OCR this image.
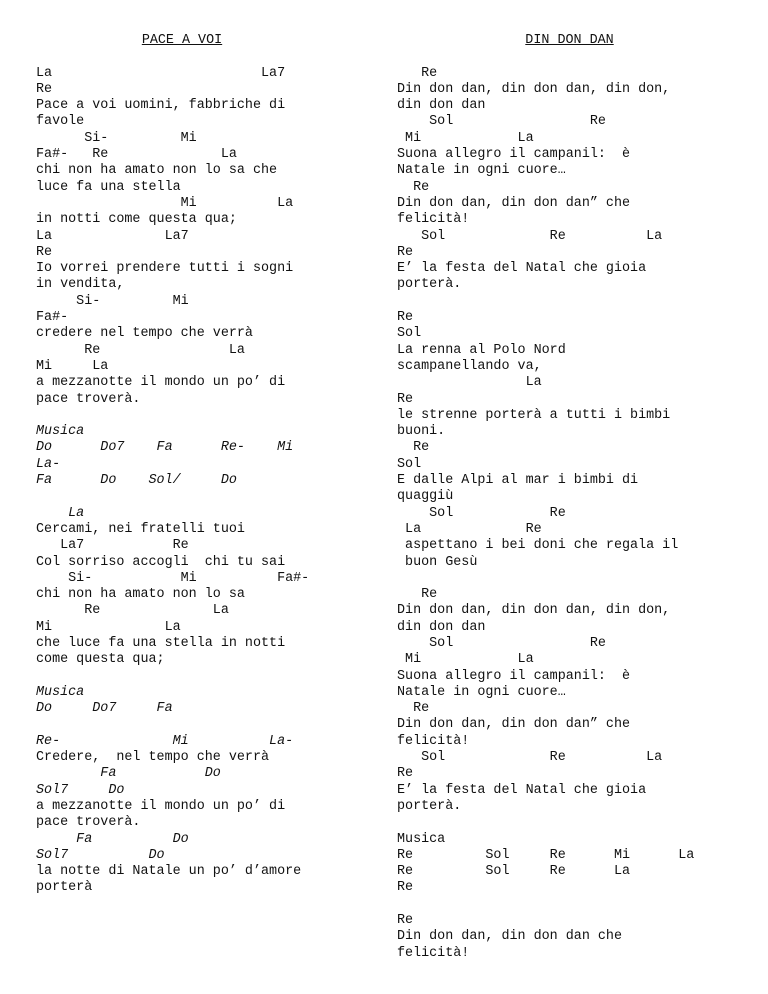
PACE A VOI
La                          La7
Re
Pace a voi uomini, fabbriche di
favole
Si-         Mi
Fa#-   Re              La
chi non ha amato non lo sa che
luce fa una stella
Mi          La
in notti come questa qua;
La              La7
Re
Io vorrei prendere tutti i sogni
in vendita,
Si-         Mi
Fa#-
credere nel tempo che verrà
Re                La
Mi     La
a mezzanotte il mondo un po’ di
pace troverà.
Musica
Do      Do7    Fa      Re-    Mi
La-
Fa      Do    Sol/     Do
La
Cercami, nei fratelli tuoi
La7           Re
Col sorriso accogli  chi tu sai
Si-           Mi          Fa#-
chi non ha amato non lo sa
Re              La
Mi              La
che luce fa una stella in notti
come questa qua;
Musica
Do     Do7     Fa
Re-              Mi          La-
Credere,  nel tempo che verrà
Fa           Do
Sol7     Do
a mezzanotte il mondo un po’ di
pace troverà.
Fa          Do
Sol7          Do
la notte di Natale un po’ d’amore
porterà
DIN DON DAN
Re
Din don dan, din don dan, din don,
din don dan
Sol                 Re
Mi            La
Suona allegro il campanil:  è
Natale in ogni cuore…
Re
Din don dan, din don dan” che
felicità!
Sol             Re          La
Re
E’ la festa del Natal che gioia
porterà.
Re
Sol
La renna al Polo Nord
scampanellando va,
La
Re
le strenne porterà a tutti i bimbi
buoni.
Re
Sol
E dalle Alpi al mar i bimbi di
quaggiù
Sol            Re
La             Re
aspettano i bei doni che regala il
buon Gesù
Re
Din don dan, din don dan, din don,
din don dan
Sol                 Re
Mi            La
Suona allegro il campanil:  è
Natale in ogni cuore…
Re
Din don dan, din don dan” che
felicità!
Sol             Re          La
Re
E’ la festa del Natal che gioia
porterà.
Musica
Re         Sol     Re      Mi      La
Re         Sol     Re      La
Re
Re
Din don dan, din don dan che
felicità!
